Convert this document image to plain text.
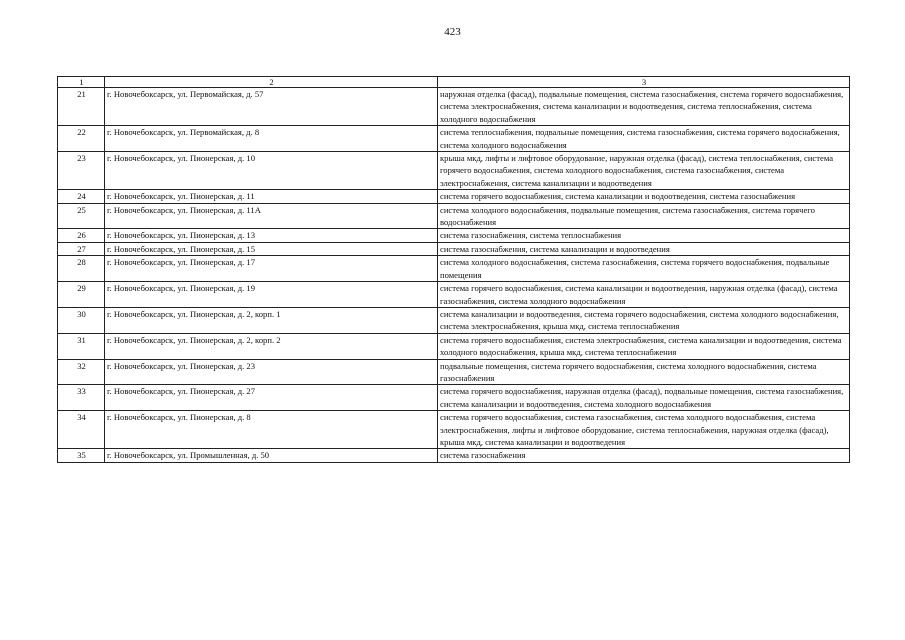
423
1	2	3
21	г. Новочебоксарск, ул. Первомайская, д. 57	наружная отделка (фасад), подвальные помещения, система газоснабжения, система горячего водоснабжения, система электроснабжения, система канализации и водоотведения, система теплоснабжения, система холодного водоснабжения
22	г. Новочебоксарск, ул. Первомайская, д. 8	система теплоснабжения, подвальные помещения, система газоснабжения, система горячего водоснабжения, система холодного водоснабжения
23	г. Новочебоксарск, ул. Пионерская, д. 10	крыша мкд, лифты и лифтовое оборудование, наружная отделка (фасад), система теплоснабжения, система горячего водоснабжения, система холодного водоснабжения, система газоснабжения, система электроснабжения, система канализации и водоотведения
24	г. Новочебоксарск, ул. Пионерская, д. 11	система горячего водоснабжения, система канализации и водоотведения, система газоснабжения
25	г. Новочебоксарск, ул. Пионерская, д. 11А	система холодного водоснабжения, подвальные помещения, система газоснабжения, система горячего водоснабжения
26	г. Новочебоксарск, ул. Пионерская, д. 13	система газоснабжения, система теплоснабжения
27	г. Новочебоксарск, ул. Пионерская, д. 15	система газоснабжения, система канализации и водоотведения
28	г. Новочебоксарск, ул. Пионерская, д. 17	система холодного водоснабжения, система газоснабжения, система горячего водоснабжения, подвальные помещения
29	г. Новочебоксарск, ул. Пионерская, д. 19	система горячего водоснабжения, система канализации и водоотведения, наружная отделка (фасад), система газоснабжения, система холодного водоснабжения
30	г. Новочебоксарск, ул. Пионерская, д. 2, корп. 1	система канализации и водоотведения, система горячего водоснабжения, система холодного водоснабжения, система электроснабжения, крыша мкд, система теплоснабжения
31	г. Новочебоксарск, ул. Пионерская, д. 2, корп. 2	система горячего водоснабжения, система электроснабжения, система канализации и водоотведения, система холодного водоснабжения, крыша мкд, система теплоснабжения
32	г. Новочебоксарск, ул. Пионерская, д. 23	подвальные помещения, система горячего водоснабжения, система холодного водоснабжения, система газоснабжения
33	г. Новочебоксарск, ул. Пионерская, д. 27	система горячего водоснабжения, наружная отделка (фасад), подвальные помещения, система газоснабжения, система канализации и водоотведения, система холодного водоснабжения
34	г. Новочебоксарск, ул. Пионерская, д. 8	система горячего водоснабжения, система газоснабжения, система холодного водоснабжения, система электроснабжения, лифты и лифтовое оборудование, система теплоснабжения, наружная отделка (фасад), крыша мкд, система канализации и водоотведения
35	г. Новочебоксарск, ул. Промышленная, д. 50	система газоснабжения
